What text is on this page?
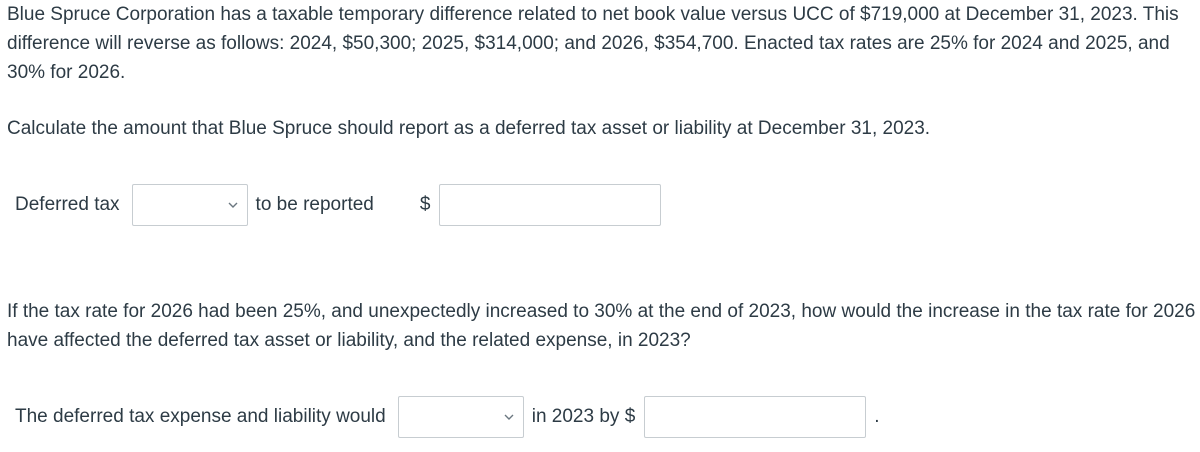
Blue Spruce Corporation has a taxable temporary difference related to net book value versus UCC of $719,000 at December 31, 2023. This difference will reverse as follows: 2024, $50,300; 2025, $314,000; and 2026, $354,700. Enacted tax rates are 25% for 2024 and 2025, and 30% for 2026.

Calculate the amount that Blue Spruce should report as a deferred tax asset or liability at December 31, 2023.

Deferred tax	to be reported $

If the tax rate for 2026 had been 25%, and unexpectedly increased to 30% at the end of 2023, how would the increase in the tax rate for 2026 have affected the deferred tax asset or liability, and the related expense, in 2023?

The deferred tax expense and liability would	in 2023 by $	.
